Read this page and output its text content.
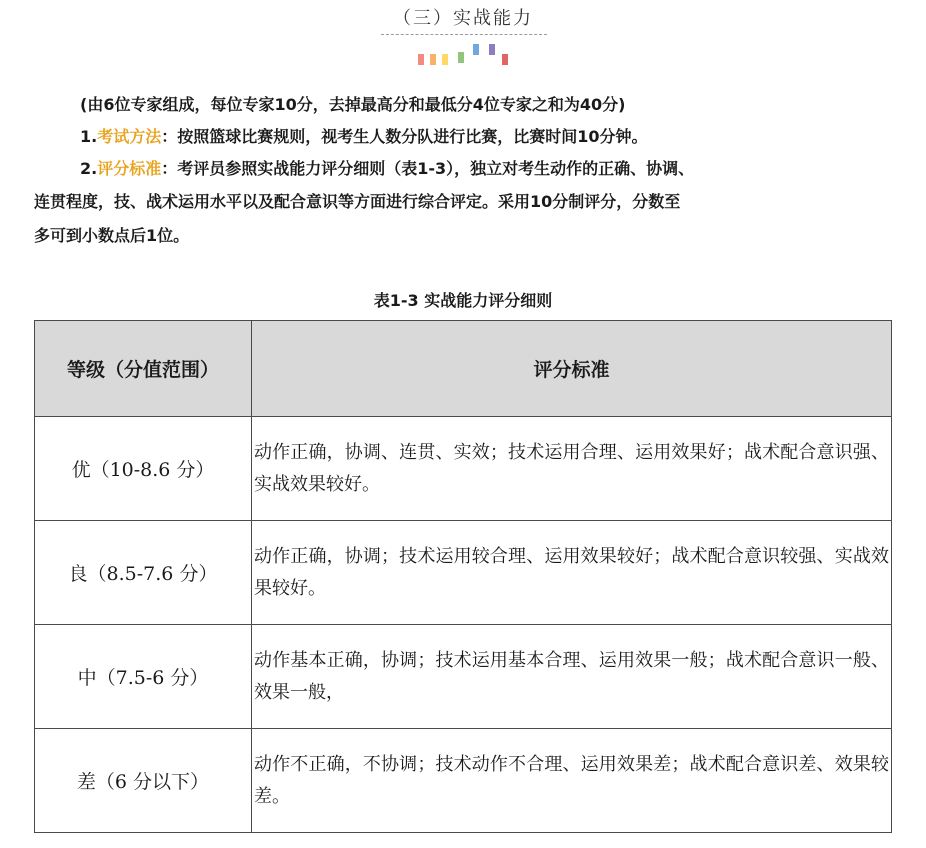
（三）实战能力
(由6位专家组成，每位专家10分，去掉最高分和最低分4位专家之和为40分)
1.考试方法：按照篮球比赛规则，视考生人数分队进行比赛，比赛时间10分钟。
2.评分标准：考评员参照实战能力评分细则（表1-3），独立对考生动作的正确、协调、
连贯程度，技、战术运用水平以及配合意识等方面进行综合评定。采用10分制评分，分数至
多可到小数点后1位。
表1-3 实战能力评分细则
等级（分值范围）	评分标准
优（10-8.6 分）	动作正确，协调、连贯、实效；技术运用合理、运用效果好；战术配合意识强、实战效果较好。
良（8.5-7.6 分）	动作正确，协调；技术运用较合理、运用效果较好；战术配合意识较强、实战效果较好。
中（7.5-6 分）	动作基本正确，协调；技术运用基本合理、运用效果一般；战术配合意识一般、效果一般，
差（6 分以下）	动作不正确，不协调；技术动作不合理、运用效果差；战术配合意识差、效果较差。
